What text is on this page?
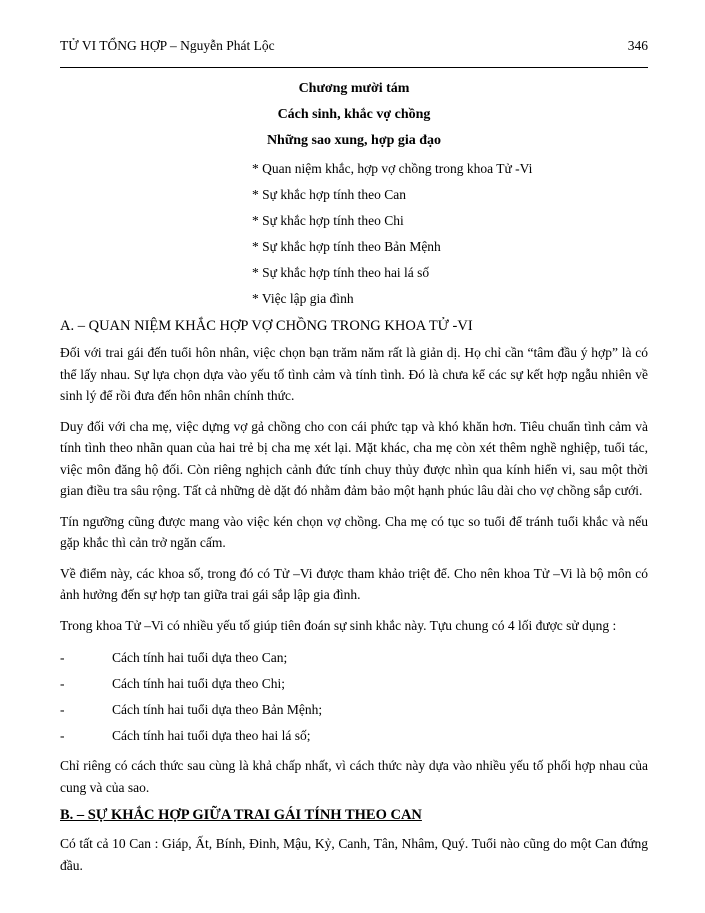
TỬ VI TỔNG HỢP – Nguyễn Phát Lộc	346
Chương mười tám
Cách sinh, khắc vợ chồng
Những sao xung, hợp gia đạo
* Quan niệm khắc, hợp vợ chồng trong khoa Tử -Vi
* Sự khắc hợp tính theo Can
* Sự khắc hợp tính theo Chi
* Sự khắc hợp tính theo Bản Mệnh
* Sự khắc hợp tính theo hai lá số
* Việc lập gia đình
A. – QUAN NIỆM KHẮC HỢP VỢ CHỒNG TRONG KHOA TỬ -VI

Đối với trai gái đến tuổi hôn nhân, việc chọn bạn trăm năm rất là giản dị. Họ chỉ cần “tâm đầu ý hợp” là có thể lấy nhau. Sự lựa chọn dựa vào yếu tố tình cảm và tính tình. Đó là chưa kể các sự kết hợp ngẫu nhiên về sinh lý để rồi đưa đến hôn nhân chính thức.

Duy đối với cha mẹ, việc dựng vợ gả chồng cho con cái phức tạp và khó khăn hơn. Tiêu chuẩn tình cảm và tính tình theo nhãn quan của hai trẻ bị cha mẹ xét lại. Mặt khác, cha mẹ còn xét thêm nghề nghiệp, tuổi tác, việc môn đăng hộ đối. Còn riêng nghịch cảnh đức tính chuy thủy được nhìn qua kính hiển vi, sau một thời gian điều tra sâu rộng. Tất cả những dè dặt đó nhằm đảm bảo một hạnh phúc lâu dài cho vợ chồng sắp cưới.

Tín ngưỡng cũng được mang vào việc kén chọn vợ chồng. Cha mẹ có tục so tuổi để tránh tuổi khắc và nếu gặp khắc thì cản trở ngăn cấm.

Về điểm này, các khoa số, trong đó có Tử –Vi được tham khảo triệt để. Cho nên khoa Tử –Vi là bộ môn có ảnh hưởng đến sự hợp tan giữa trai gái sắp lập gia đình.

Trong khoa Tử –Vi có nhiều yếu tố giúp tiên đoán sự sinh khắc này. Tựu chung có 4 lối được sử dụng :

-	Cách tính hai tuổi dựa theo Can;
-	Cách tính hai tuổi dựa theo Chi;
-	Cách tính hai tuổi dựa theo Bản Mệnh;
-	Cách tính hai tuổi dựa theo hai lá số;

Chỉ riêng có cách thức sau cùng là khả chấp nhất, vì cách thức này dựa vào nhiều yếu tố phối hợp nhau của cung và của sao.

B. – SỰ KHẮC HỢP GIỮA TRAI GÁI TÍNH THEO CAN

Có tất cả 10 Can : Giáp, Ất, Bính, Đinh, Mậu, Kỷ, Canh, Tân, Nhâm, Quý. Tuổi nào cũng do một Can đứng đầu.
